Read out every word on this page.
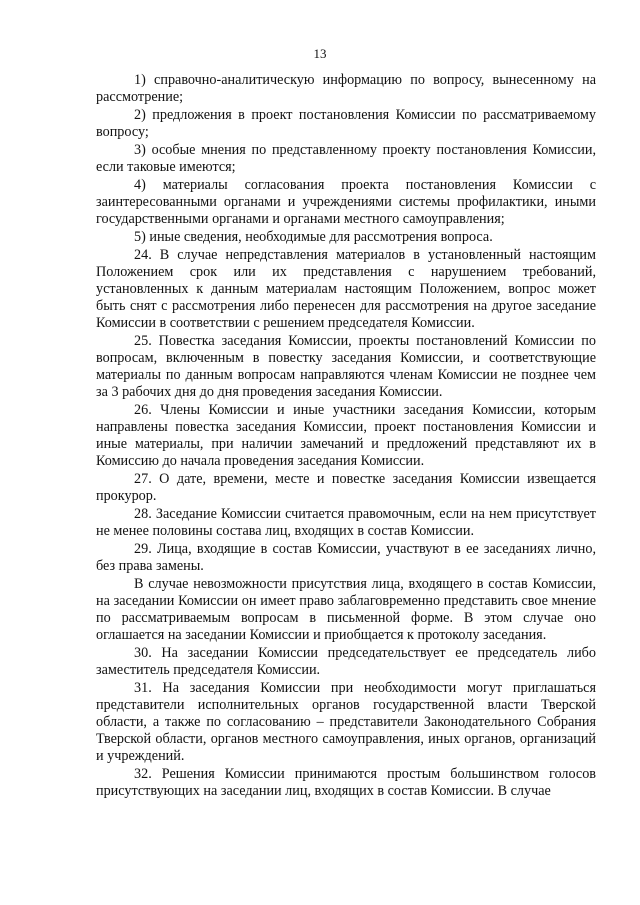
13

1) справочно-аналитическую информацию по вопросу, вынесенному на рассмотрение;

2) предложения в проект постановления Комиссии по рассматриваемому вопросу;

3) особые мнения по представленному проекту постановления Комиссии, если таковые имеются;

4) материалы согласования проекта постановления Комиссии с заинтересованными органами и учреждениями системы профилактики, иными государственными органами и органами местного самоуправления;

5) иные сведения, необходимые для рассмотрения вопроса.

24. В случае непредставления материалов в установленный настоящим Положением срок или их представления с нарушением требований, установленных к данным материалам настоящим Положением, вопрос может быть снят с рассмотрения либо перенесен для рассмотрения на другое заседание Комиссии в соответствии с решением председателя Комиссии.

25. Повестка заседания Комиссии, проекты постановлений Комиссии по вопросам, включенным в повестку заседания Комиссии, и соответствующие материалы по данным вопросам направляются членам Комиссии не позднее чем за 3 рабочих дня до дня проведения заседания Комиссии.

26. Члены Комиссии и иные участники заседания Комиссии, которым направлены повестка заседания Комиссии, проект постановления Комиссии и иные материалы, при наличии замечаний и предложений представляют их в Комиссию до начала проведения заседания Комиссии.

27. О дате, времени, месте и повестке заседания Комиссии извещается прокурор.

28. Заседание Комиссии считается правомочным, если на нем присутствует не менее половины состава лиц, входящих в состав Комиссии.

29. Лица, входящие в состав Комиссии, участвуют в ее заседаниях лично, без права замены.

В случае невозможности присутствия лица, входящего в состав Комиссии, на заседании Комиссии он имеет право заблаговременно представить свое мнение по рассматриваемым вопросам в письменной форме. В этом случае оно оглашается на заседании Комиссии и приобщается к протоколу заседания.

30. На заседании Комиссии председательствует ее председатель либо заместитель председателя Комиссии.

31. На заседания Комиссии при необходимости могут приглашаться представители исполнительных органов государственной власти Тверской области, а также по согласованию – представители Законодательного Собрания Тверской области, органов местного самоуправления, иных органов, организаций и учреждений.

32. Решения Комиссии принимаются простым большинством голосов присутствующих на заседании лиц, входящих в состав Комиссии. В случае
